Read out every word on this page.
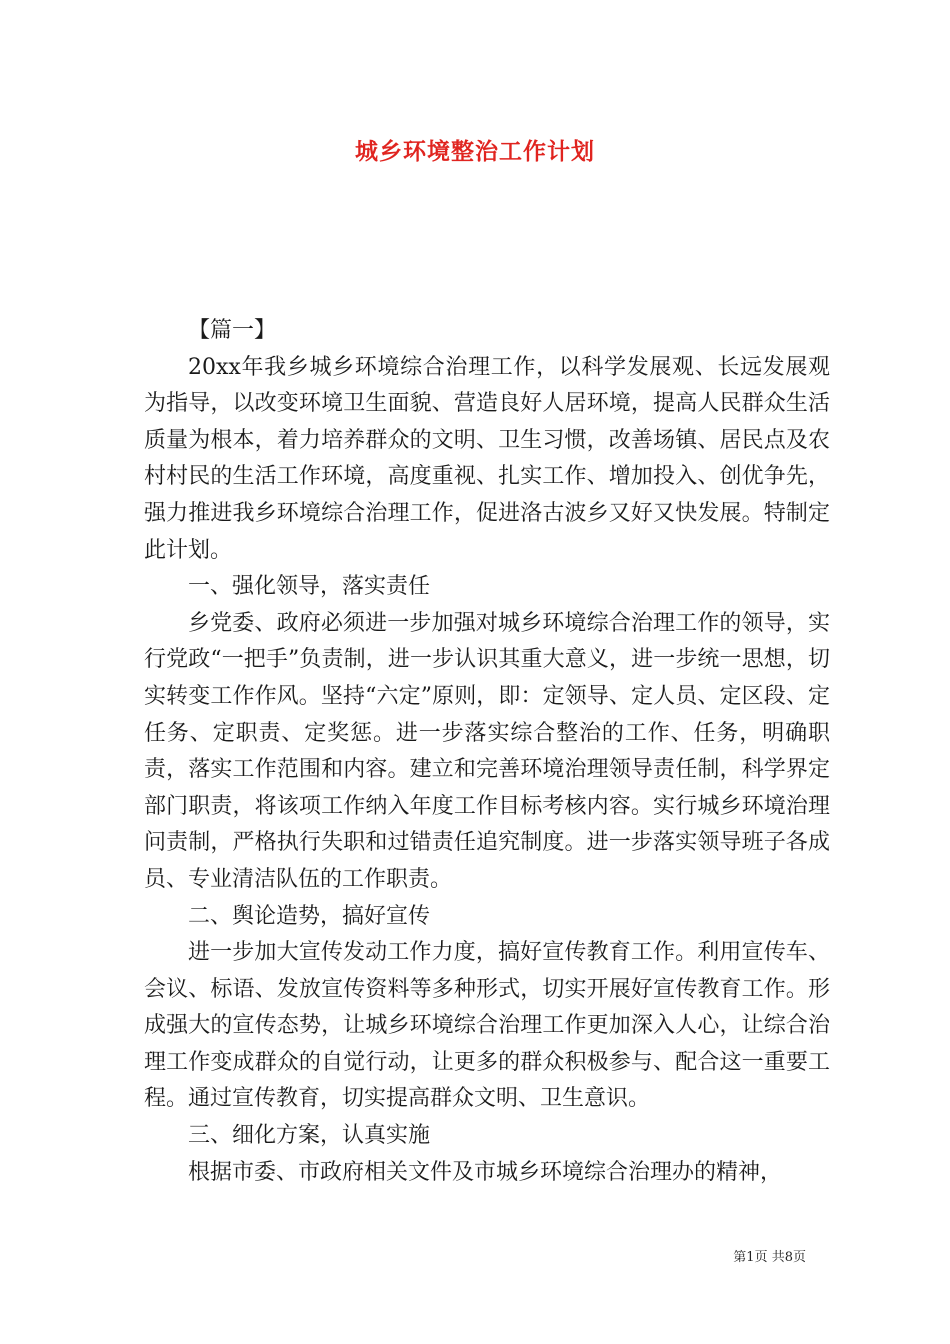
城乡环境整治工作计划

【篇一】

20xx年我乡城乡环境综合治理工作，以科学发展观、长远发展观为指导，以改变环境卫生面貌、营造良好人居环境，提高人民群众生活质量为根本，着力培养群众的文明、卫生习惯，改善场镇、居民点及农村村民的生活工作环境，高度重视、扎实工作、增加投入、创优争先，强力推进我乡环境综合治理工作，促进洛古波乡又好又快发展。特制定此计划。

一、强化领导，落实责任

乡党委、政府必须进一步加强对城乡环境综合治理工作的领导，实行党政“一把手”负责制，进一步认识其重大意义，进一步统一思想，切实转变工作作风。坚持“六定”原则，即：定领导、定人员、定区段、定任务、定职责、定奖惩。进一步落实综合整治的工作、任务，明确职责，落实工作范围和内容。建立和完善环境治理领导责任制，科学界定部门职责，将该项工作纳入年度工作目标考核内容。实行城乡环境治理问责制，严格执行失职和过错责任追究制度。进一步落实领导班子各成员、专业清洁队伍的工作职责。

二、舆论造势，搞好宣传

进一步加大宣传发动工作力度，搞好宣传教育工作。利用宣传车、会议、标语、发放宣传资料等多种形式，切实开展好宣传教育工作。形成强大的宣传态势，让城乡环境综合治理工作更加深入人心，让综合治理工作变成群众的自觉行动，让更多的群众积极参与、配合这一重要工程。通过宣传教育，切实提高群众文明、卫生意识。

三、细化方案，认真实施

根据市委、市政府相关文件及市城乡环境综合治理办的精神，

第1页 共8页
